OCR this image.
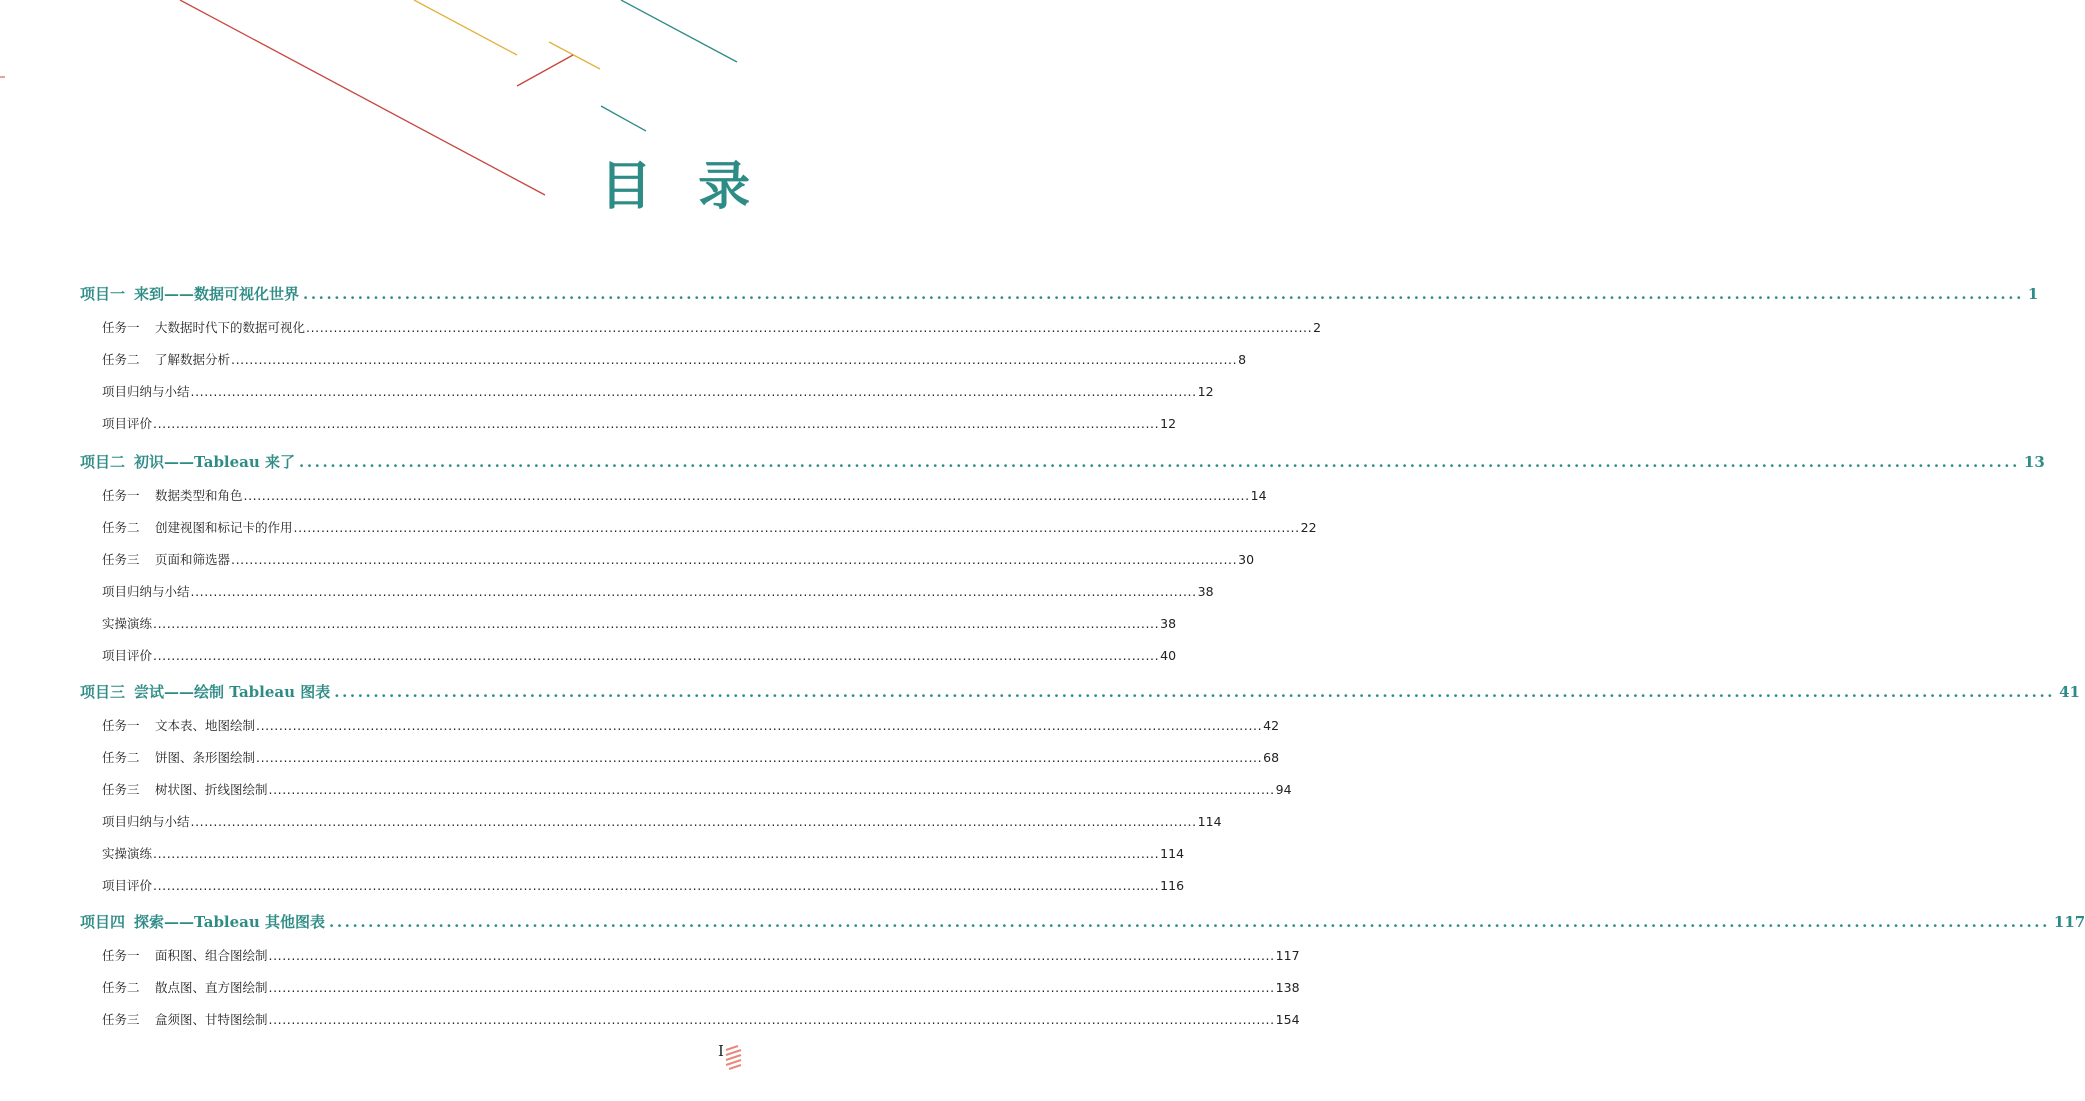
目 录
项目一 来到——数据可视化世界 ............................................................................................................................................................................................................................ 1
任务一 大数据时代下的数据可视化 ............................................................................................................................................................................................................................ 2
任务二 了解数据分析 ............................................................................................................................................................................................................................ 8
项目归纳与小结 ............................................................................................................................................................................................................................ 12
项目评价 ............................................................................................................................................................................................................................ 12
项目二 初识——Tableau 来了 ............................................................................................................................................................................................................................ 13
任务一 数据类型和角色 ............................................................................................................................................................................................................................ 14
任务二 创建视图和标记卡的作用 ............................................................................................................................................................................................................................ 22
任务三 页面和筛选器 ............................................................................................................................................................................................................................ 30
项目归纳与小结 ............................................................................................................................................................................................................................ 38
实操演练 ............................................................................................................................................................................................................................ 38
项目评价 ............................................................................................................................................................................................................................ 40
项目三 尝试——绘制 Tableau 图表 ............................................................................................................................................................................................................................ 41
任务一 文本表、地图绘制 ............................................................................................................................................................................................................................ 42
任务二 饼图、条形图绘制 ............................................................................................................................................................................................................................ 68
任务三 树状图、折线图绘制 ............................................................................................................................................................................................................................ 94
项目归纳与小结 ............................................................................................................................................................................................................................ 114
实操演练 ............................................................................................................................................................................................................................ 114
项目评价 ............................................................................................................................................................................................................................ 116
项目四 探索——Tableau 其他图表 ............................................................................................................................................................................................................................ 117
任务一 面积图、组合图绘制 ............................................................................................................................................................................................................................ 117
任务二 散点图、直方图绘制 ............................................................................................................................................................................................................................ 138
任务三 盒须图、甘特图绘制 ............................................................................................................................................................................................................................ 154
I
